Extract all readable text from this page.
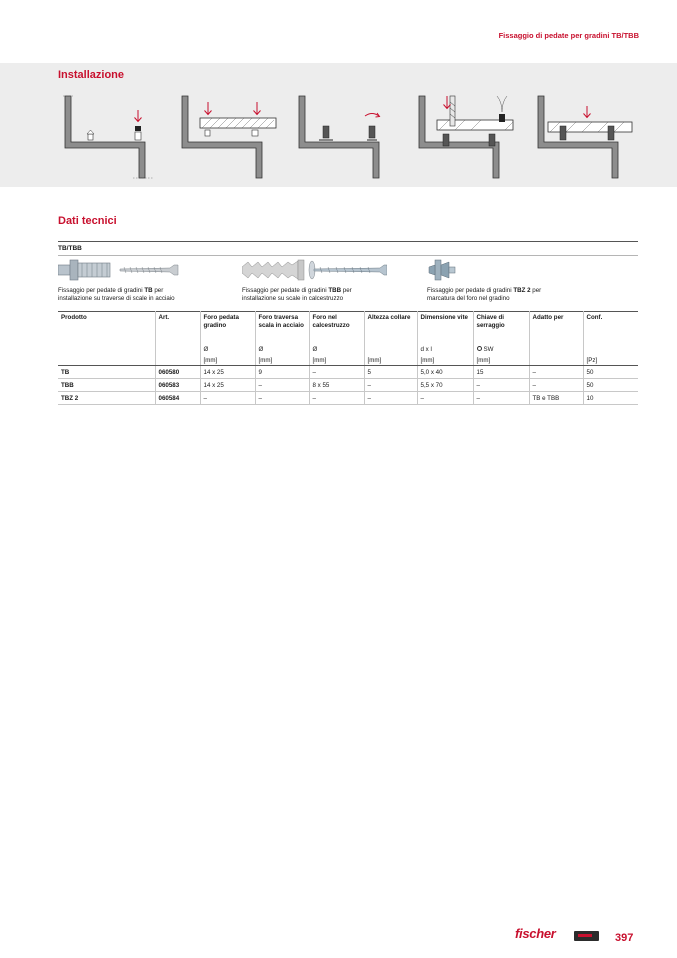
Fissaggio di pedate per gradini TB/TBB
Installazione
Dati tecnici
TB/TBB
Fissaggio per pedate di gradini TB per
installazione su traverse di scale in acciaio
Fissaggio per pedate di gradini TBB per
installazione su scale in calcestruzzo
Fissaggio per pedate di gradini TBZ 2 per
marcatura del foro nel gradino
Prodotto	Art.	Foro pedata gradino	Foro traversa scala in acciaio	Foro nel calcestruzzo	Altezza collare	Dimensione vite	Chiave di serraggio	Adatto per	Conf.
		Ø	Ø	Ø		d x l	SW		
		[mm]	[mm]	[mm]	[mm]	[mm]	[mm]		[Pz]
TB	060580	14 x 25	9	–	5	5,0 x 40	15	–	50
TBB	060583	14 x 25	–	8 x 55	–	5,5 x 70	–	–	50
TBZ 2	060584	–	–	–	–	–	–	TB e TBB	10
fischer	397
